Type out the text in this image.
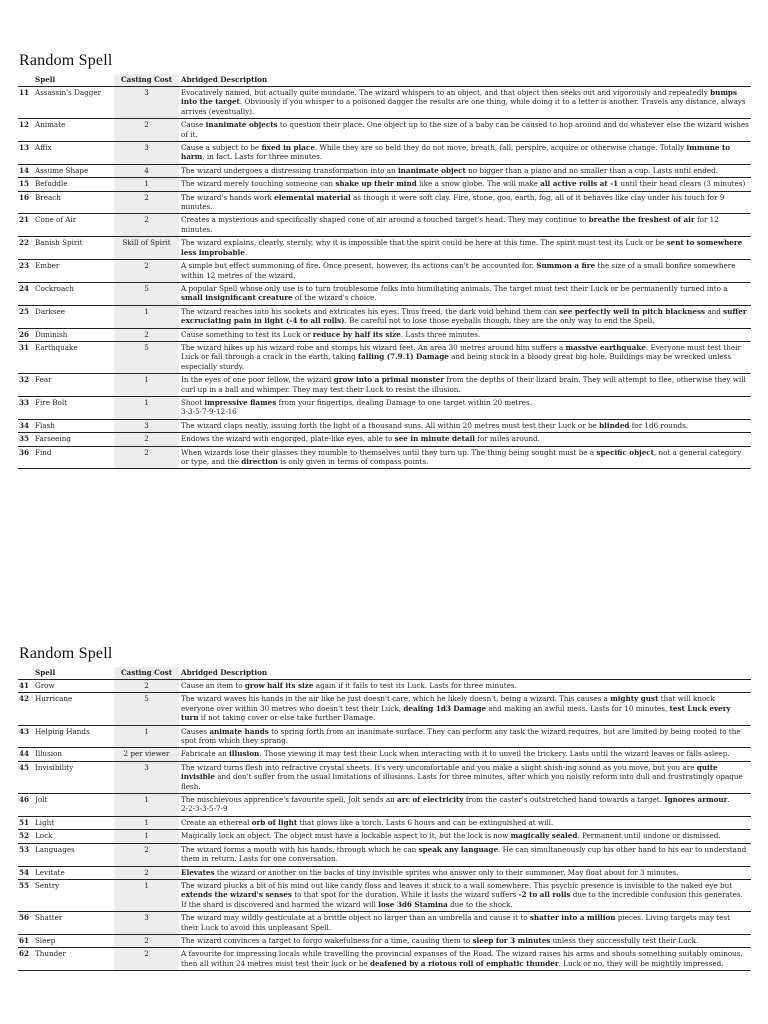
Random Spell
	Spell	Casting Cost	Abridged Description
11	Assassin's Dagger	3	Evocatively named, but actually quite mundane. The wizard whispers to an object, and that object then seeks out and vigorously and repeatedly bumps into the target. Obviously if you whisper to a poisoned dagger the results are one thing, while doing it to a letter is another. Travels any distance, always arrives (eventually).
12	Animate	2	Cause inanimate objects to question their place. One object up to the size of a baby can be caused to hop around and do whatever else the wizard wishes of it.
13	Affix	3	Cause a subject to be fixed in place. While they are so held they do not move, breath, fall, perspire, acquire or otherwise change. Totally immune to harm, in fact. Lasts for three minutes.
14	Assume Shape	4	The wizard undergoes a distressing transformation into an inanimate object no bigger than a piano and no smaller than a cup. Lasts until ended.
15	Befuddle	1	The wizard merely touching someone can shake up their mind like a snow globe. The will make all active rolls at -1 until their head clears (3 minutes)
16	Breach	2	The wizard's hands work elemental material as though it were soft clay. Fire, stone, goo, earth, fog, all of it behaves like clay under his touch for 9 minutes.
21	Cone of Air	2	Creates a mysterious and specifically shaped cone of air around a touched target's head. They may continue to breathe the freshest of air for 12 minutes.
22	Banish Spirit	Skill of Spirit	The wizard explains, clearly, sternly, why it is impossible that the spirit could be here at this time. The spirit must test its Luck or be sent to somewhere less improbable.
23	Ember	2	A simple but effect summoning of fire. Once present, however, its actions can't be accounted for. Summon a fire the size of a small bonfire somewhere within 12 metres of the wizard.
24	Cockroach	5	A popular Spell whose only use is to turn troublesome folks into humiliating animals. The target must test their Luck or be permanently turned into a small insignificant creature of the wizard's choice.
25	Darksee	1	The wizard reaches into his sockets and extricates his eyes. Thus freed, the dark void behind them can see perfectly well in pitch blackness and suffer excruciating pain in light (-4 to all rolls). Be careful not to lose those eyeballs though, they are the only way to end the Spell.
26	Diminish	2	Cause something to test its Luck or reduce by half its size. Lasts three minutes.
31	Earthquake	5	The wizard hikes up his wizard robe and stomps his wizard feet. An area 30 metres around him suffers a massive earthquake. Everyone must test their Luck or fall through a crack in the earth, taking falling (7.9.1) Damage and being stuck in a bloody great big hole. Buildings may be wrecked unless especially sturdy.
32	Fear	1	In the eyes of one poor fellow, the wizard grow into a primal monster from the depths of their lizard brain. They will attempt to flee, otherwise they will curl up in a ball and whimper. They may test their Luck to resist the illusion.
33	Fire Bolt	1	Shoot impressive flames from your fingertips, dealing Damage to one target within 20 metres.
3-3-5-7-9-12-16
34	Flash	3	The wizard claps neatly, issuing forth the light of a thousand suns. All within 20 metres must test their Luck or be blinded for 1d6 rounds.
35	Farseeing	2	Endows the wizard with engorged, plate-like eyes, able to see in minute detail for miles around.
36	Find	2	When wizards lose their glasses they mumble to themselves until they turn up. The thing being sought must be a specific object, not a general category or type, and the direction is only given in terms of compass points.
Random Spell
	Spell	Casting Cost	Abridged Description
41	Grow	2	Cause an item to grow half its size again if it fails to test its Luck. Lasts for three minutes.
42	Hurricane	5	The wizard waves his hands in the air like he just doesn't care, which he likely doesn't, being a wizard. This causes a mighty gust that will knock everyone over within 30 metres who doesn't test their Luck, dealing 1d3 Damage and making an awful mess. Lasts for 10 minutes, test Luck every turn if not taking cover or else take further Damage.
43	Helping Hands	1	Causes animate hands to spring forth from an inanimate surface. They can perform any task the wizard requires, but are limited by being rooted to the spot from which they sprang.
44	Illusion	2 per viewer	Fabricate an illusion. Those viewing it may test their Luck when interacting with it to unveil the trickery. Lasts until the wizard leaves or falls asleep.
45	Invisibility	3	The wizard turns flesh into refractive crystal sheets. It's very uncomfortable and you make a slight shish-ing sound as you move, but you are quite invisible and don't suffer from the usual limitations of illusions. Lasts for three minutes, after which you noisily reform into dull and frustratingly opaque flesh.
46	Jolt	1	The mischievous apprentice's favourite spell, Jolt sends an arc of electricity from the caster's outstretched hand towards a target. Ignores armour.
2-2-3-3-5-7-9
51	Light	1	Create an ethereal orb of light that glows like a torch. Lasts 6 hours and can be extinguished at will.
52	Lock	1	Magically lock an object. The object must have a lockable aspect to it, but the lock is now magically sealed. Permanent until undone or dismissed.
53	Languages	2	The wizard forms a mouth with his hands, through which he can speak any language. He can simultaneously cup his other hand to his ear to understand them in return. Lasts for one conversation.
54	Levitate	2	Elevates the wizard or another on the backs of tiny invisible sprites who answer only to their summoner. May float about for 3 minutes.
55	Sentry	1	The wizard plucks a bit of his mind out like candy floss and leaves it stuck to a wall somewhere. This psychic presence is invisible to the naked eye but extends the wizard's senses to that spot for the duration. While it lasts the wizard suffers -2 to all rolls due to the incredible confusion this generates. If the shard is discovered and harmed the wizard will lose 3d6 Stamina due to the shock.
56	Shatter	3	The wizard may wildly gesticulate at a brittle object no larger than an umbrella and cause it to shatter into a million pieces. Living targets may test their Luck to avoid this unpleasant Spell.
61	Sleep	2	The wizard convinces a target to forgo wakefulness for a time, causing them to sleep for 3 minutes unless they successfully test their Luck.
62	Thunder	2	A favourite for impressing locals while travelling the provincial expanses of the Road. The wizard raises his arms and shouts something suitably ominous, then all within 24 metres must test their luck or be deafened by a riotous roll of emphatic thunder. Luck or no, they will be mightily impressed.
